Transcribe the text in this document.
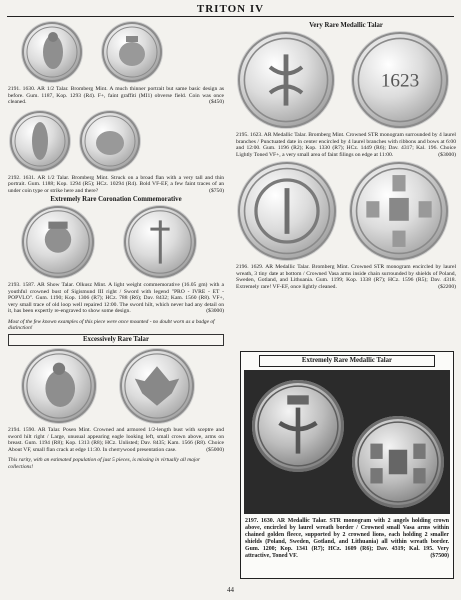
TRITON IV

2191. 1630. AR 1/2 Talar. Bromberg Mint. A much thinner portrait but same basic design as before. Gum. 1187, Kop. 1293 (R4). F+, faint graffiti (MI1) obverse field. Coin was once cleaned.	($450)

2192. 1631. AR 1/2 Talar. Bromberg Mint. Struck on a broad flan with a very tall and thin portrait. Gum. 1188; Kop. 1294 (R5); HCz. 10294 (R4). Bold VF-EF, a few faint traces of an under coin type or strike here and there?	($750)

Extremely Rare Coronation Commemorative

2193. 1587. AR Show Talar. Olkusz Mint. A light weight commemorative (16.05 gm) with a youthful crowned bust of Sigismund III right / Sword with legend "PRO - IVRE - ET - POPVLO". Gum. 1190; Kop. 1306 (R7); HCz. 788 (R6); Dav. 8432; Kam. 1560 (R8). VF+, very small trace of old loop well repaired 12:00. The sword hilt, which never had any detail on it, has been expertly re-engraved to show some design.	($3000)

Most of the few known examples of this piece were once mounted - no doubt worn as a badge of distinction!

Excessively Rare Talar

2194. 1590. AR Talar. Posen Mint. Crowned and armored 1/2-length bust with sceptre and sword hilt right / Large, unusual appearing eagle looking left, small crown above, arms on breast. Gum. 1194 (R8); Kop. 1313 (R8); HCz. Unlisted; Dav. 8435; Kam. 1566 (R8). Choice About VF, small flan crack at edge 11:30. In cherrywood presentation case.	($5000)

This rarity, with an estimated population of just 5 pieces, is missing in virtually all major collections!

Very Rare Medallic Talar
1623

2195. 1623. AR Medallic Talar. Bromberg Mint. Crowned STR monogram surrounded by 4 laurel branches / Punctuated date in center encircled by 4 laurel branches with ribbons and bows at 6:00 and 12:00. Gum. 1196 (R2); Kop. 1330 (R7); HCz. 1449 (R6); Dav. 4317; Kal. 196. Choice Lightly Toned VF+, a very small area of faint filings on edge at 11:00.	($3000)

2196. 1629. AR Medallic Talar. Bromberg Mint. Crowned STR monogram encircled by laurel wreath, 3 tiny date at bottom / Crowned Vasa arms inside chain surrounded by shields of Poland, Sweden, Gotland, and Lithuania. Gum. 1199; Kop. 1338 (R7); HCz. 1596 (R5); Dav. 4318. Extremely rare! VF-EF, once lightly cleaned.	($2200)

Extremely Rare Medallic Talar
2197. 1630. AR Medallic Talar. STR monogram with 2 angels holding crown above, encircled by laurel wreath border / Crowned small Vasa arms within chained golden fleece, supported by 2 crowned lions, each holding 2 smaller shields (Poland, Sweden, Gotland, and Lithuania) all within wreath border. Gum. 1200; Kop. 1341 (R7); HCz. 1609 (R6); Dav. 4319; Kal. 195. Very attractive, Toned VF.	($7500)
44
